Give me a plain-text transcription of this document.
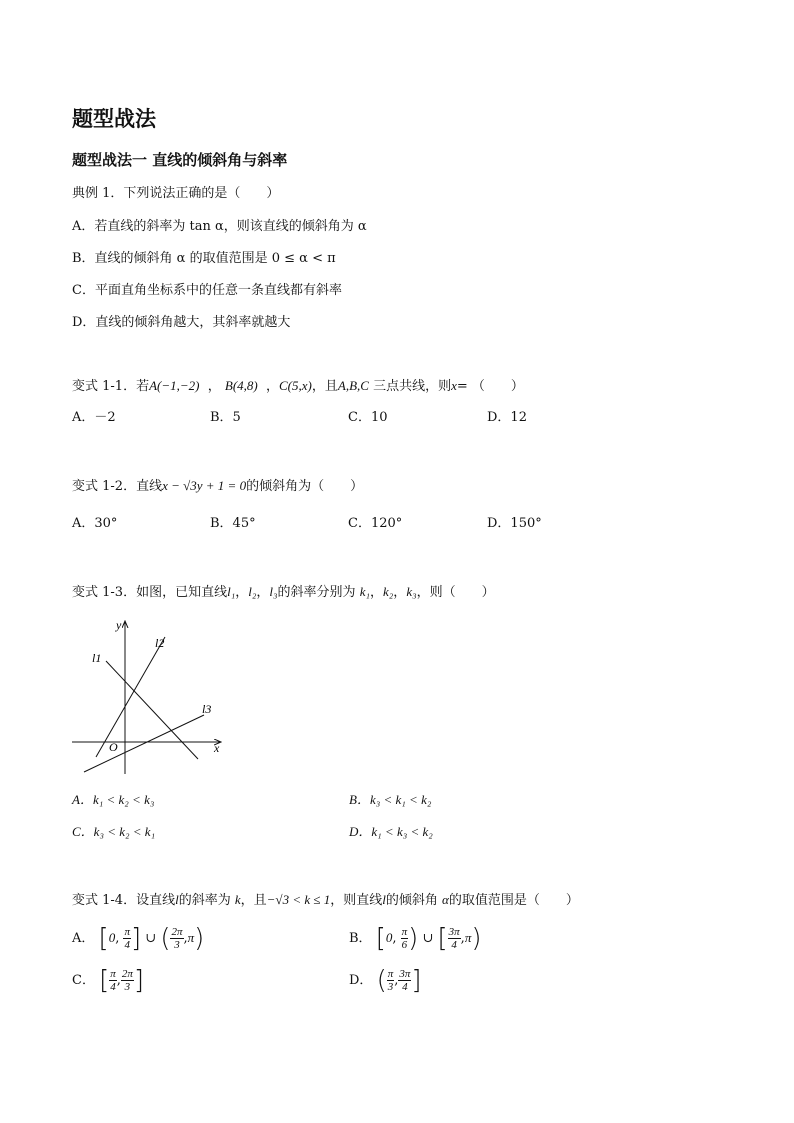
题型战法
题型战法一 直线的倾斜角与斜率
典例 1．下列说法正确的是（　　）
A．若直线的斜率为 tan α，则该直线的倾斜角为 α
B．直线的倾斜角 α 的取值范围是 0 ≤ α < π
C．平面直角坐标系中的任意一条直线都有斜率
D．直线的倾斜角越大，其斜率就越大
变式 1-1．若A(−1,−2)  ， B(4,8)  ，C(5,x)，且A,B,C 三点共线，则x= （　　）
A．－2	B．5	C．10	D．12
变式 1-2．直线x − √3y + 1 = 0的倾斜角为（　　）
A．30°	B．45°	C．120°	D．150°
变式 1-3．如图，已知直线l₁，l₂，l₃的斜率分别为 k₁，k₂，k₃，则（　　）
y
x
O
l1
l2
l3
A．k₁ < k₂ < k₃	B．k₃ < k₁ < k₂
C．k₃ < k₂ < k₁	D．k₁ < k₃ < k₂
变式 1-4．设直线l的斜率为 k，且−√3 < k ≤ 1，则直线l的倾斜角 α的取值范围是（　　）
A． [0, $\frac{\pi}{4}$ ] ∪ ( $\frac{2\pi}{3} ,\pi$)	B． [0, $\frac{\pi}{6}$ ) ∪ [ $\frac{3\pi}{4} ,\pi$)
C． [ $\frac{\pi}{4}$ , $\frac{2\pi}{3}$ ]	D． ( $\frac{\pi}{3}$ , $\frac{3\pi}{4}$ ]
